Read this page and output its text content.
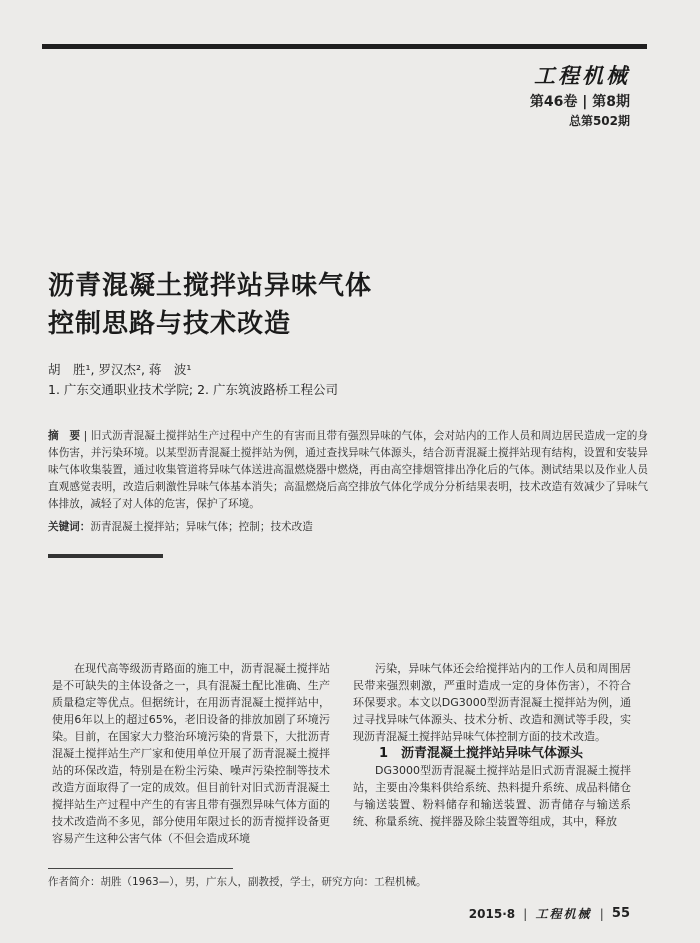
工程机械
第46卷 | 第8期
总第502期
沥青混凝土搅拌站异味气体
控制思路与技术改造
胡　胜¹, 罗汉杰², 蒋　波¹
1. 广东交通职业技术学院; 2. 广东筑波路桥工程公司
摘　要 | 旧式沥青混凝土搅拌站生产过程中产生的有害而且带有强烈异味的气体，会对站内的工作人员和周边居民造成一定的身体伤害，并污染环境。以某型沥青混凝土搅拌站为例，通过查找异味气体源头，结合沥青混凝土搅拌站现有结构，设置和安装异味气体收集装置，通过收集管道将异味气体送进高温燃烧器中燃烧，再由高空排烟管排出净化后的气体。测试结果以及作业人员直观感觉表明，改造后刺激性异味气体基本消失；高温燃烧后高空排放气体化学成分分析结果表明，技术改造有效减少了异味气体排放，减轻了对人体的危害，保护了环境。
关键词：沥青混凝土搅拌站；异味气体；控制；技术改造

在现代高等级沥青路面的施工中，沥青混凝土搅拌站是不可缺失的主体设备之一，具有混凝土配比准确、生产质量稳定等优点。但据统计，在用沥青混凝土搅拌站中，使用6年以上的超过65%，老旧设备的排放加剧了环境污染。目前，在国家大力整治环境污染的背景下，大批沥青混凝土搅拌站生产厂家和使用单位开展了沥青混凝土搅拌站的环保改造，特别是在粉尘污染、噪声污染控制等技术改造方面取得了一定的成效。但目前针对旧式沥青混凝土搅拌站生产过程中产生的有害且带有强烈异味气体方面的技术改造尚不多见，部分使用年限过长的沥青搅拌设备更容易产生这种公害气体（不但会造成环境

污染，异味气体还会给搅拌站内的工作人员和周围居民带来强烈刺激，严重时造成一定的身体伤害），不符合环保要求。本文以DG3000型沥青混凝土搅拌站为例，通过寻找异味气体源头、技术分析、改造和测试等手段，实现沥青混凝土搅拌站异味气体控制方面的技术改造。

1　沥青混凝土搅拌站异味气体源头

DG3000型沥青混凝土搅拌站是旧式沥青混凝土搅拌站，主要由冷集料供给系统、热料提升系统、成品料储仓与输送装置、粉料储存和输送装置、沥青储存与输送系统、称量系统、搅拌器及除尘装置等组成，其中，释放

作者简介：胡胜（1963—），男，广东人，副教授，学士，研究方向：工程机械。
2015·8 | 工程机械 | 55
